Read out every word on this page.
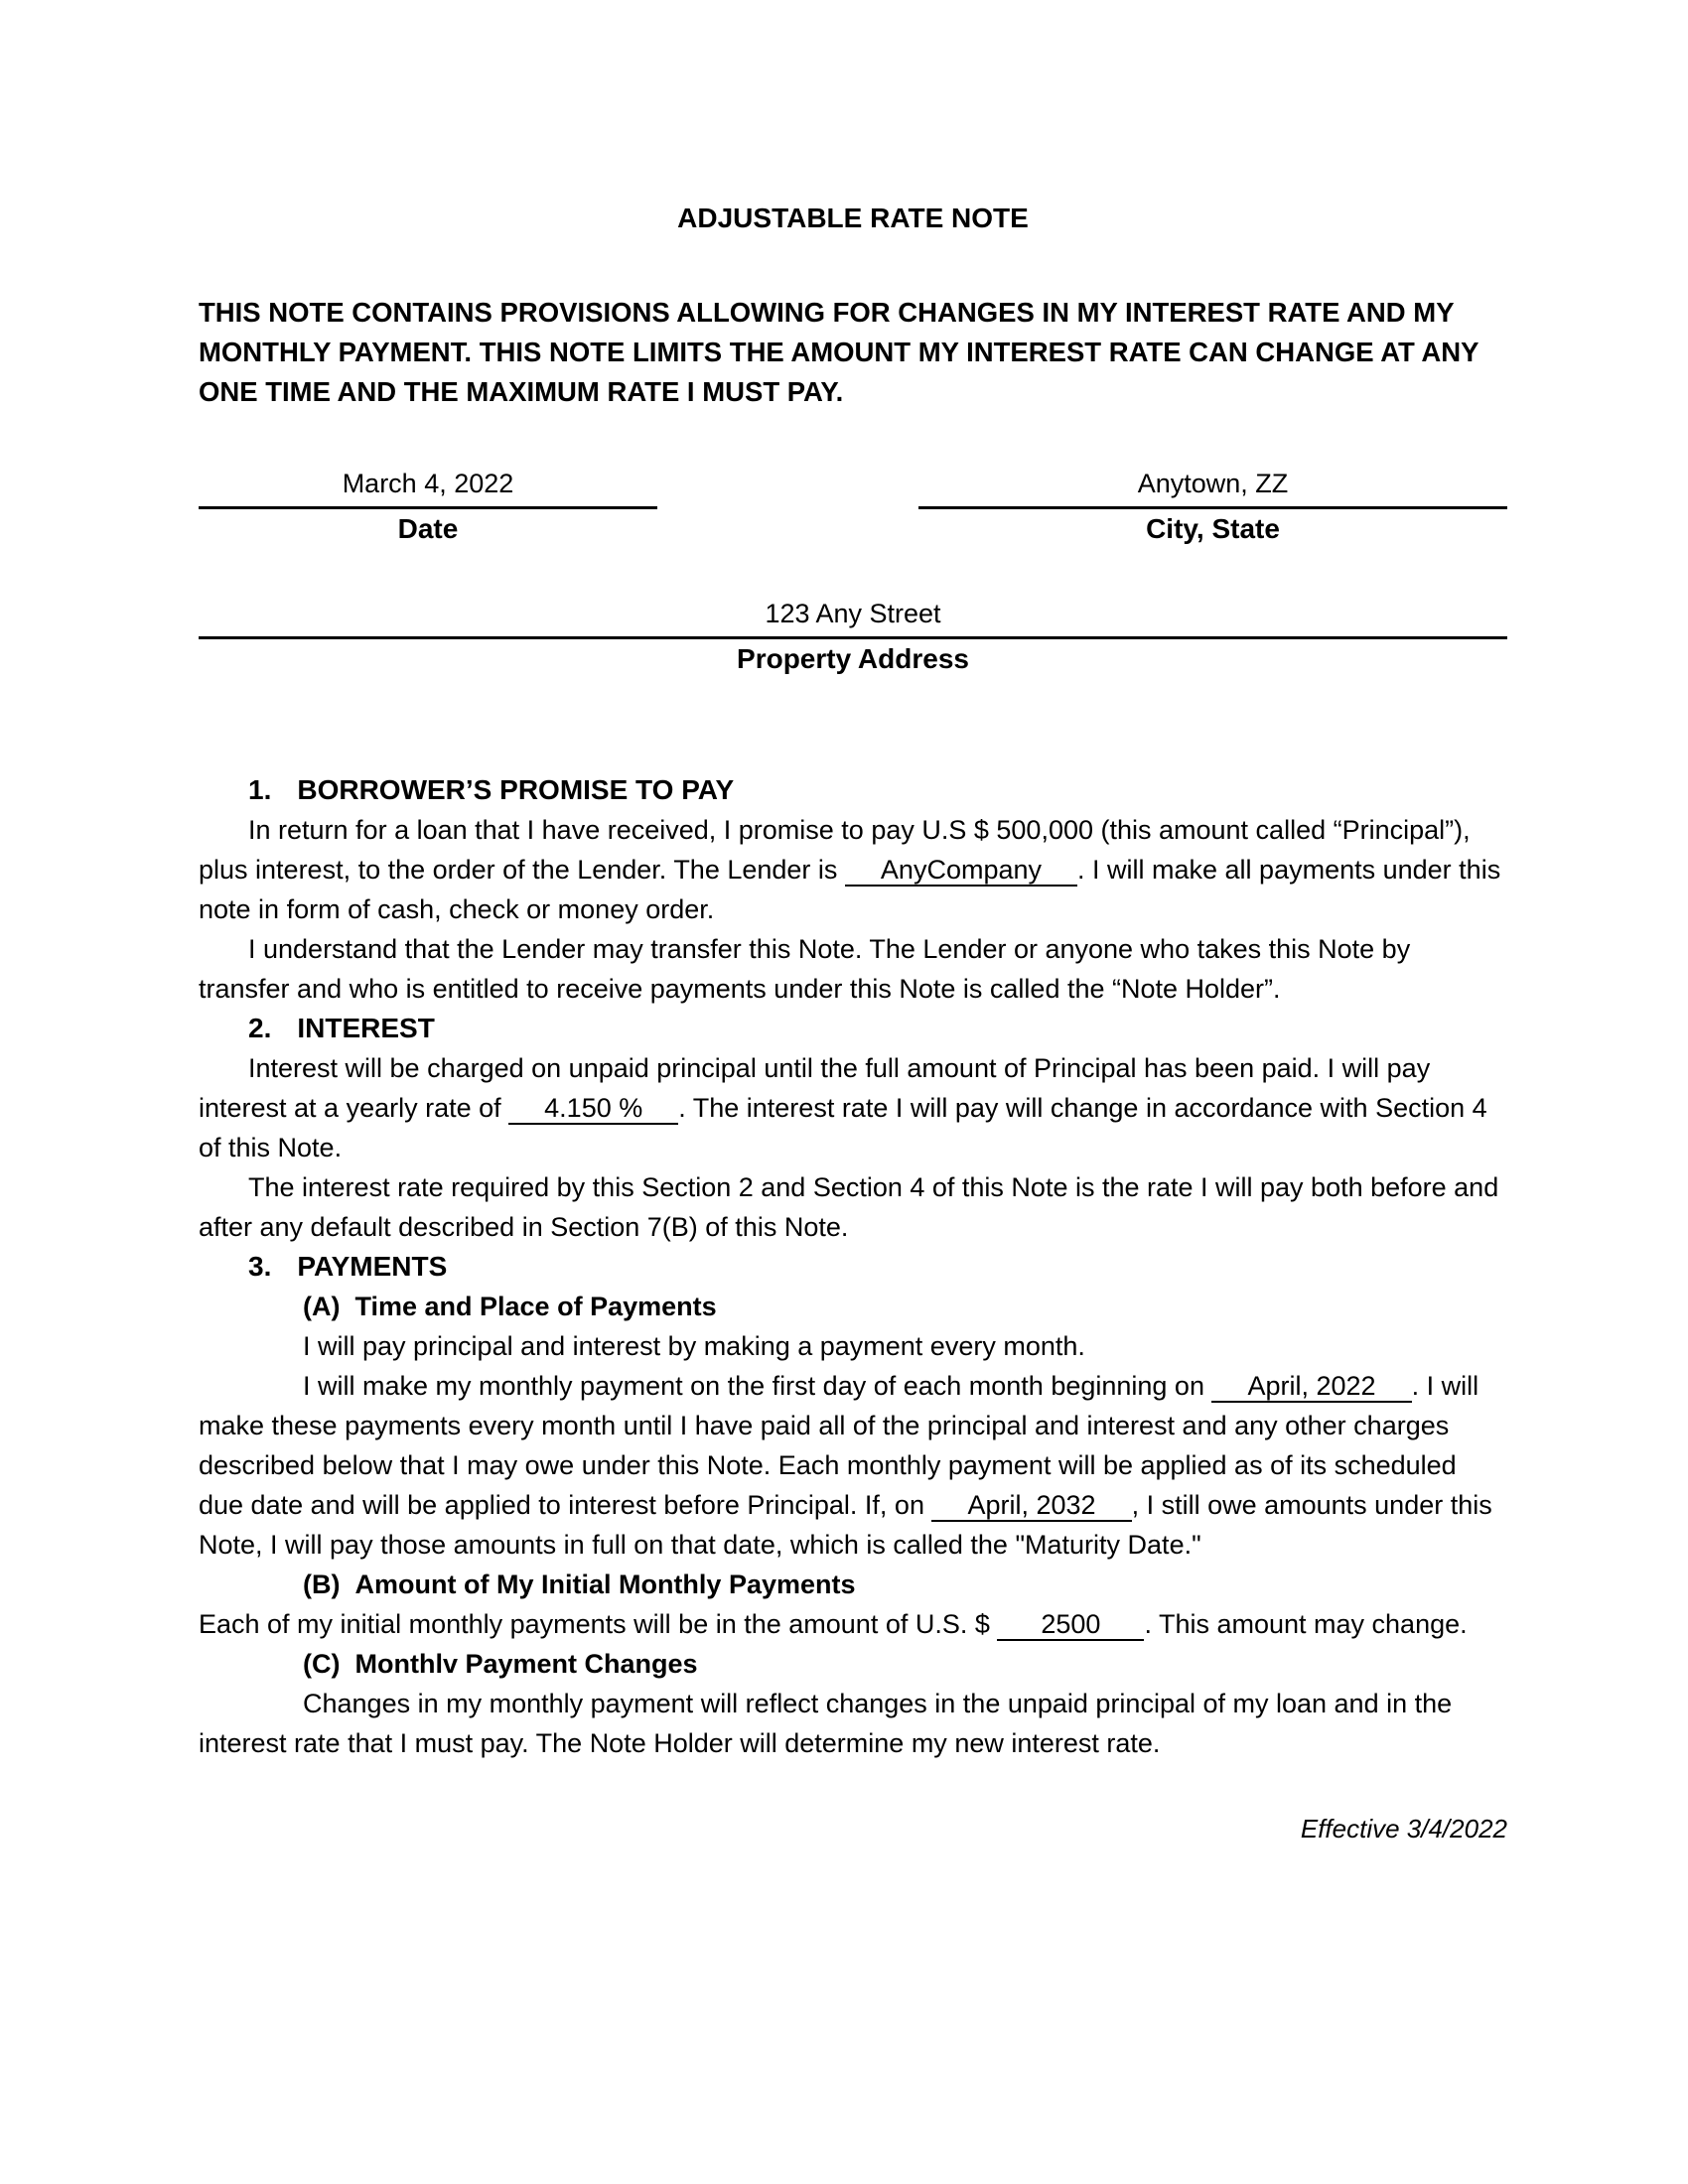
ADJUSTABLE RATE NOTE

THIS NOTE CONTAINS PROVISIONS ALLOWING FOR CHANGES IN MY INTEREST RATE AND MY MONTHLY PAYMENT. THIS NOTE LIMITS THE AMOUNT MY INTEREST RATE CAN CHANGE AT ANY ONE TIME AND THE MAXIMUM RATE I MUST PAY.

March 4, 2022
Date
Anytown, ZZ
City, State
123 Any Street
Property Address

1. BORROWER’S PROMISE TO PAY

In return for a loan that I have received, I promise to pay U.S $ 500,000 (this amount called “Principal”), plus interest, to the order of the Lender. The Lender is AnyCompany . I will make all payments under this note in form of cash, check or money order.

I understand that the Lender may transfer this Note. The Lender or anyone who takes this Note by transfer and who is entitled to receive payments under this Note is called the “Note Holder”.

2. INTEREST

Interest will be charged on unpaid principal until the full amount of Principal has been paid. I will pay interest at a yearly rate of 4.150 % . The interest rate I will pay will change in accordance with Section 4 of this Note.

The interest rate required by this Section 2 and Section 4 of this Note is the rate I will pay both before and after any default described in Section 7(B) of this Note.

3. PAYMENTS

(A) Time and Place of Payments

I will pay principal and interest by making a payment every month.

I will make my monthly payment on the first day of each month beginning on April, 2022 . I will make these payments every month until I have paid all of the principal and interest and any other charges described below that I may owe under this Note. Each monthly payment will be applied as of its scheduled due date and will be applied to interest before Principal. If, on April, 2032 , I still owe amounts under this Note, I will pay those amounts in full on that date, which is called the "Maturity Date."

(B) Amount of My Initial Monthly Payments

Each of my initial monthly payments will be in the amount of U.S. $ 2500 . This amount may change.

(C) Monthlv Payment Changes

Changes in my monthly payment will reflect changes in the unpaid principal of my loan and in the interest rate that I must pay. The Note Holder will determine my new interest rate.

Effective 3/4/2022
